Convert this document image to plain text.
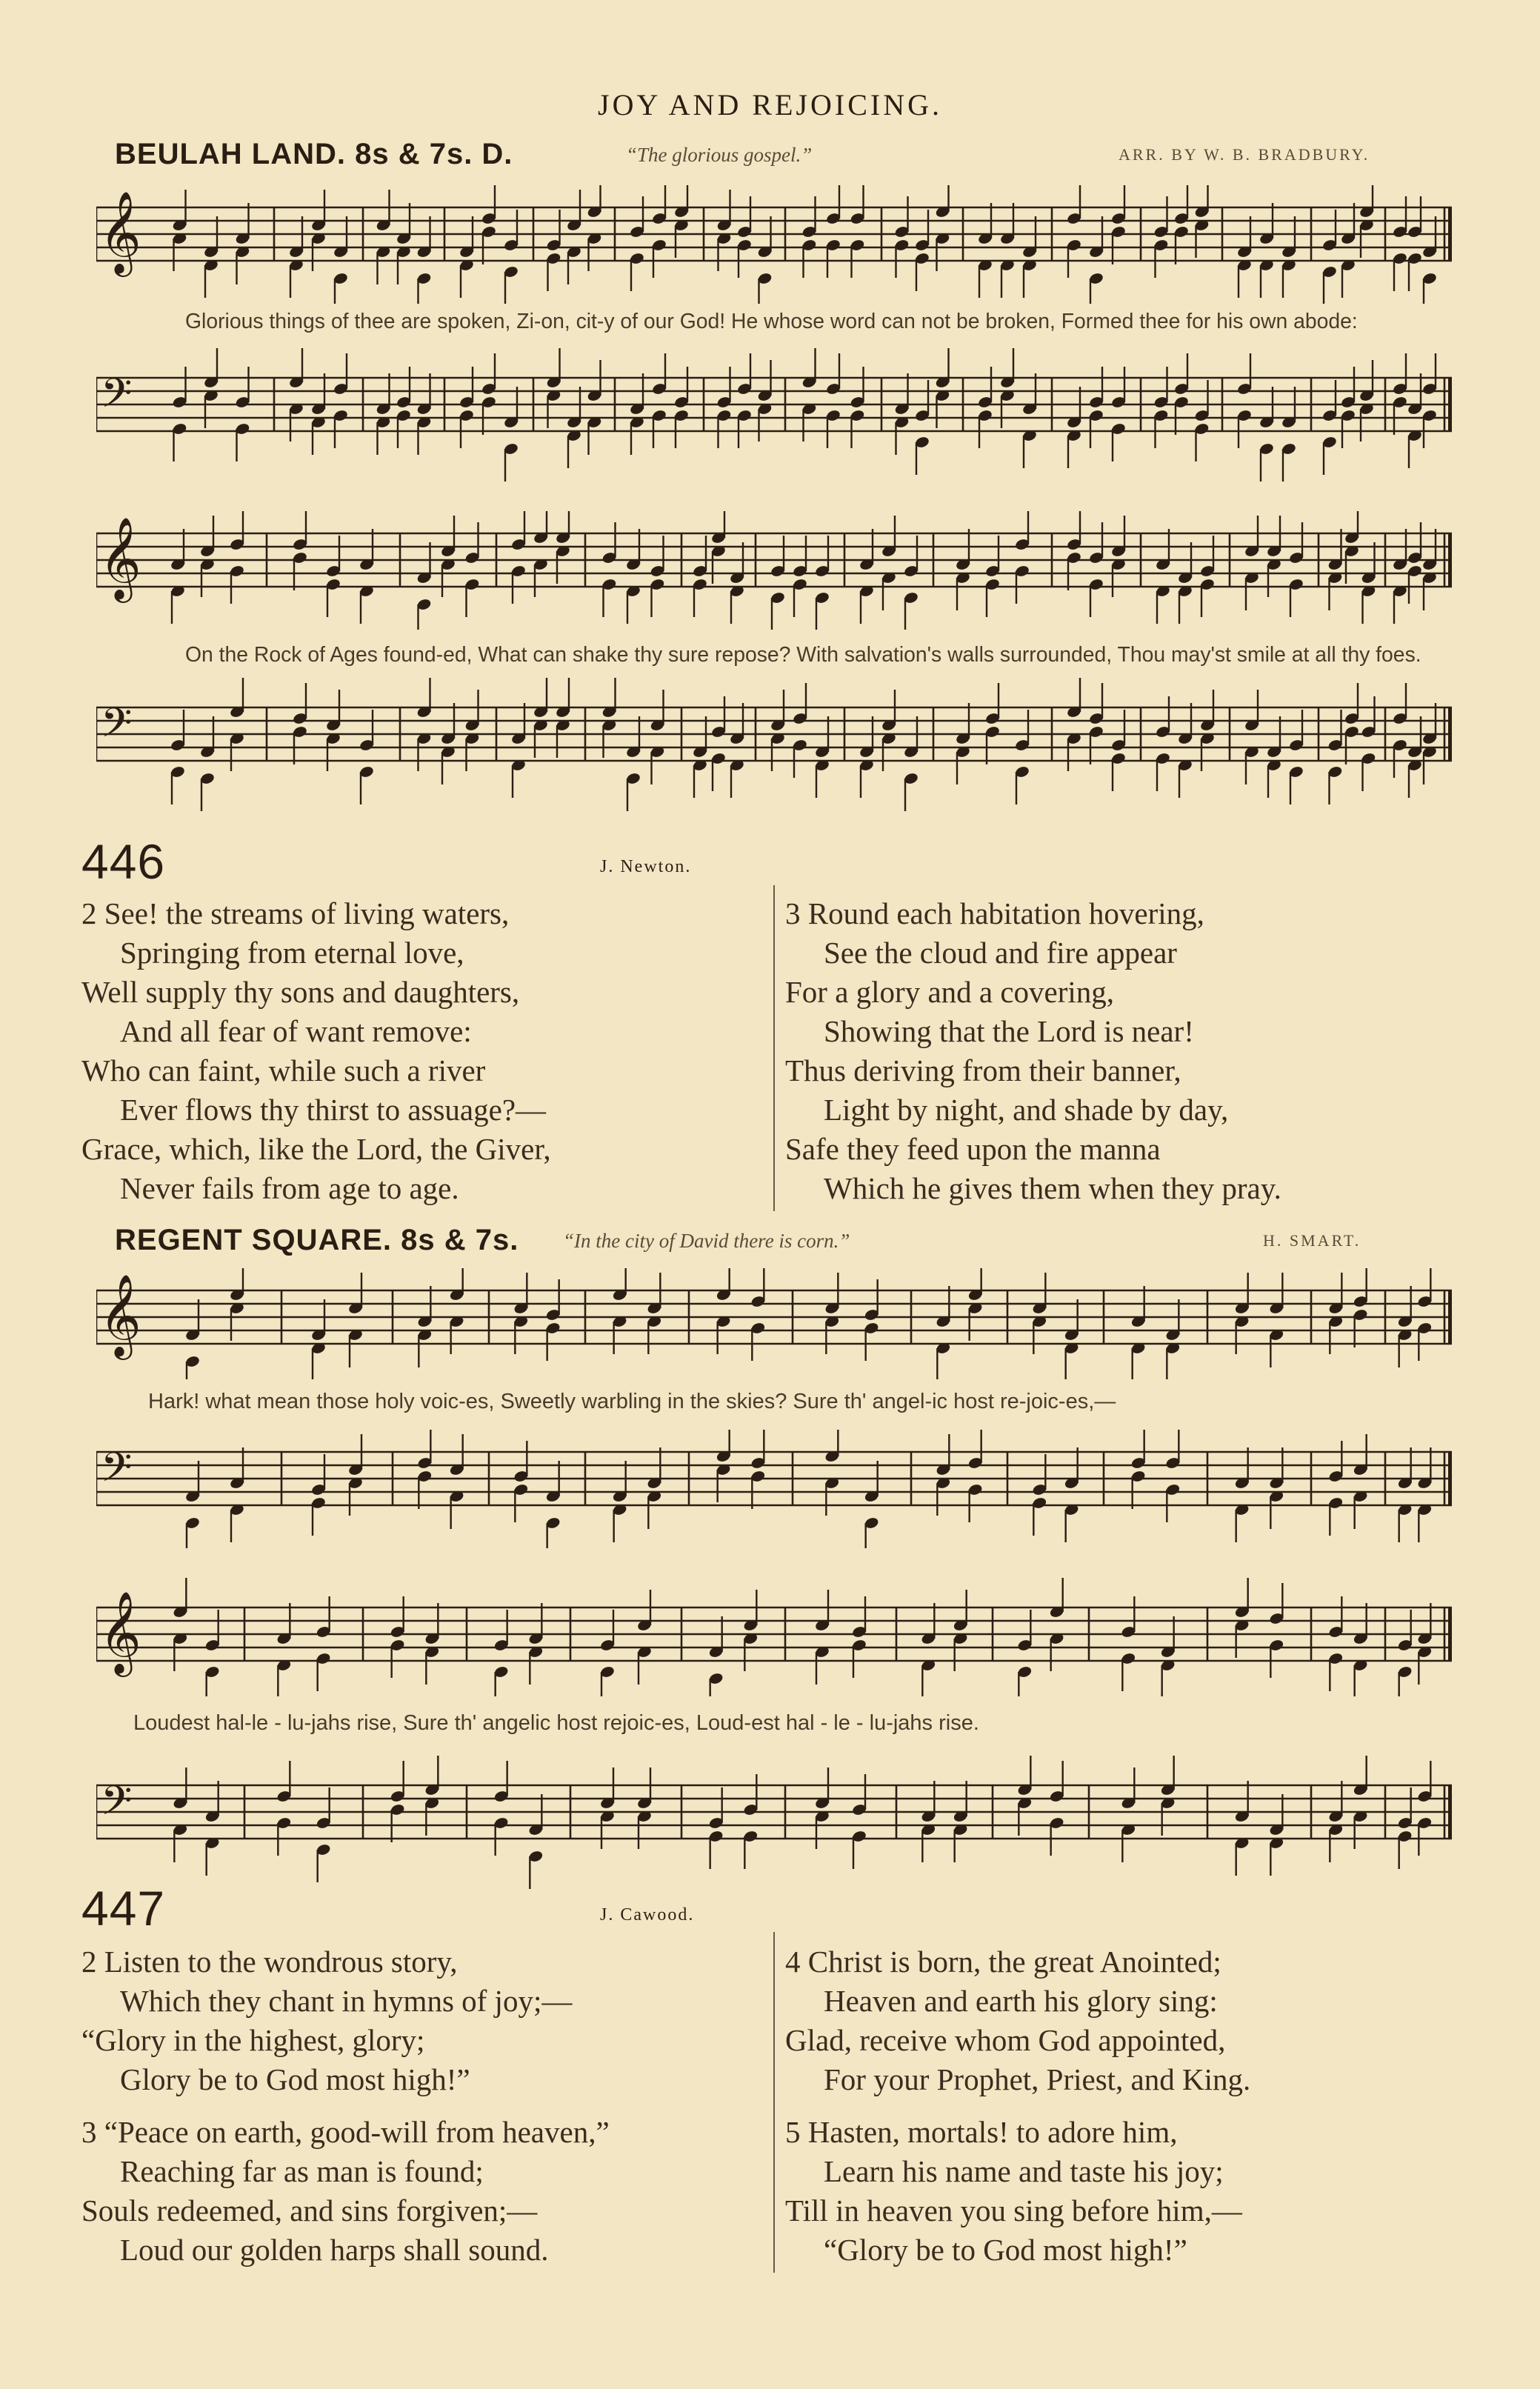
JOY AND REJOICING.
BEULAH LAND. 8s & 7s. D.	“The glorious gospel.”	ARR. BY W. B. BRADBURY.
𝄞
Glorious things of thee are spoken, Zi-on, cit-y of our God! He whose word can not be broken, Formed thee for his own abode:
𝄢
𝄞
On the Rock of Ages found-ed, What can shake thy sure repose? With salvation's walls surrounded, Thou may'st smile at all thy foes.
𝄢
446	J. Newton.
2 See! the streams of living waters,
Springing from eternal love,
Well supply thy sons and daughters,
And all fear of want remove:
Who can faint, while such a river
Ever flows thy thirst to assuage?—
Grace, which, like the Lord, the Giver,
Never fails from age to age.
3 Round each habitation hovering,
See the cloud and fire appear
For a glory and a covering,
Showing that the Lord is near!
Thus deriving from their banner,
Light by night, and shade by day,
Safe they feed upon the manna
Which he gives them when they pray.
REGENT SQUARE. 8s & 7s. “In the city of David there is corn.”	H. SMART.
𝄞
Hark! what mean those holy voic-es, Sweetly warbling in the skies? Sure th' angel-ic host re-joic-es,—
𝄢
𝄞
Loudest hal-le - lu-jahs rise, Sure th' angelic host rejoic-es, Loud-est hal - le - lu-jahs rise.
𝄢
447	J. Cawood.
2 Listen to the wondrous story,
Which they chant in hymns of joy;—
“Glory in the highest, glory;
Glory be to God most high!”
3 “Peace on earth, good-will from heaven,”
Reaching far as man is found;
Souls redeemed, and sins forgiven;—
Loud our golden harps shall sound.
4 Christ is born, the great Anointed;
Heaven and earth his glory sing:
Glad, receive whom God appointed,
For your Prophet, Priest, and King.
5 Hasten, mortals! to adore him,
Learn his name and taste his joy;
Till in heaven you sing before him,—
“Glory be to God most high!”
